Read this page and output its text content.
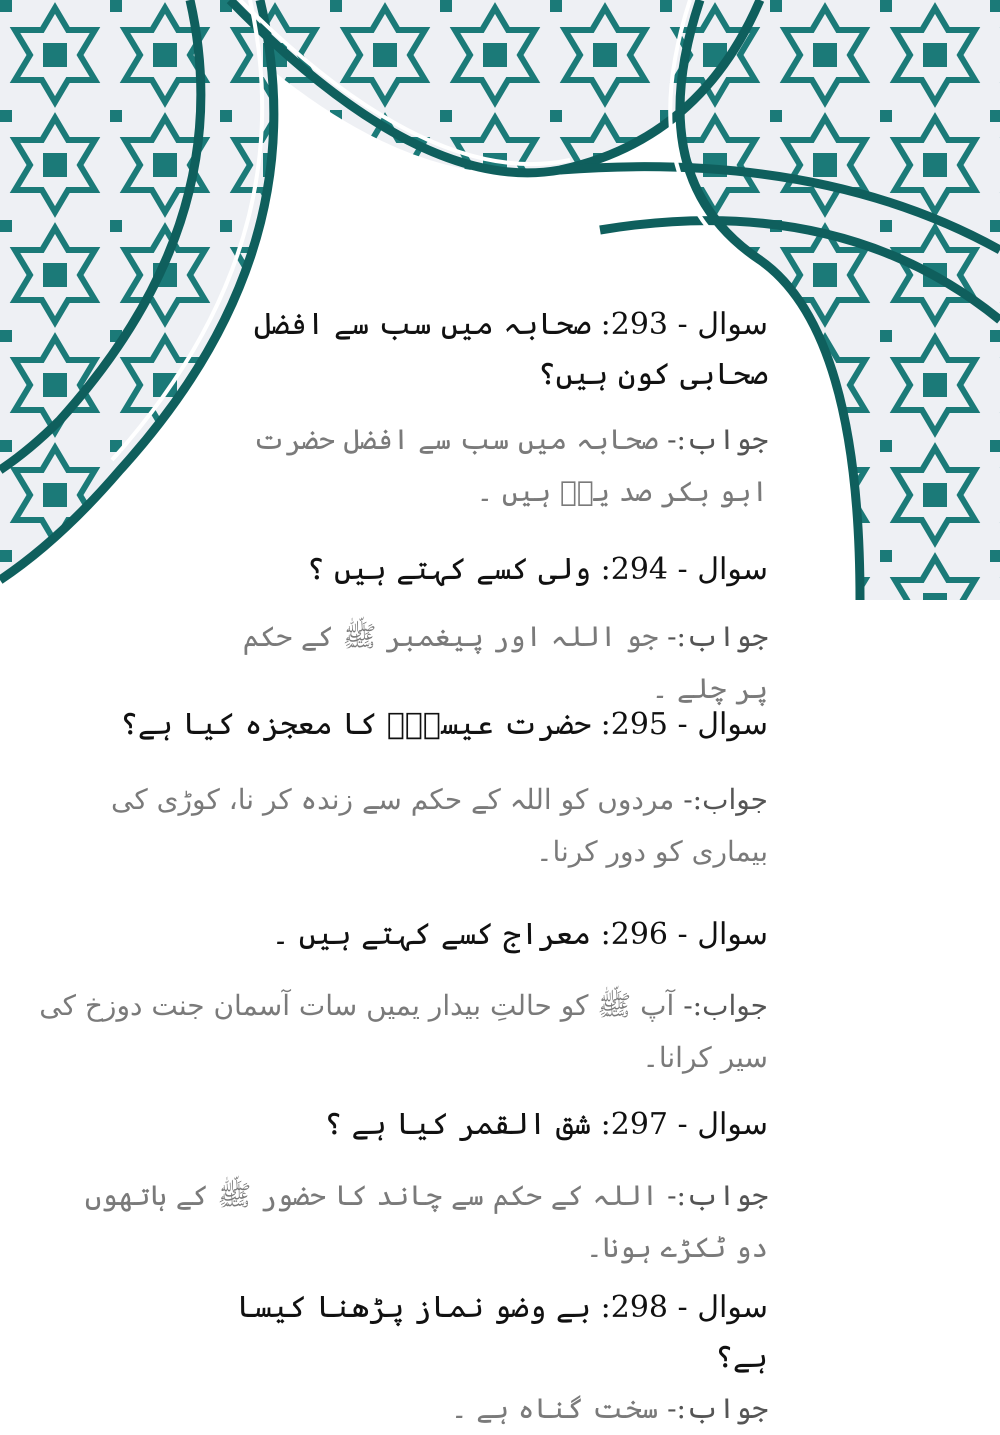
سوال - 293: صحابہ میں سب سے افضل صحابی کون ہیں؟

جواب:- صحابہ میں سب سے افضل حضرت ابو بکر صد یقؓ ہیں ۔

سوال - 294: ولی کسے کہتے ہیں ؟

جواب:- جو اللہ اور پیغمبر ﷺ کے حکم پر چلے ۔

سوال - 295: حضرت عیسیٰؑ کا معجزہ کیا ہے؟

جواب:- مردوں کو اللہ کے حکم سے زندہ کر نا، کوڑی کی بیماری کو دور کرنا۔

سوال - 296: معراج کسے کہتے ہیں ۔

جواب:- آپ ﷺ کو حالتِ بیدار یمیں سات آسمان جنت دوزخ کی سیر کرانا۔

سوال - 297: شق القمر کیا ہے ؟

جواب:- اللہ کے حکم سے چاند کا حضور ﷺ کے ہاتھوں دو ٹکڑے ہونا۔

سوال - 298: بے وضو نماز پڑھنا کیسا ہے؟

جواب:- سخت گناہ ہے ۔
